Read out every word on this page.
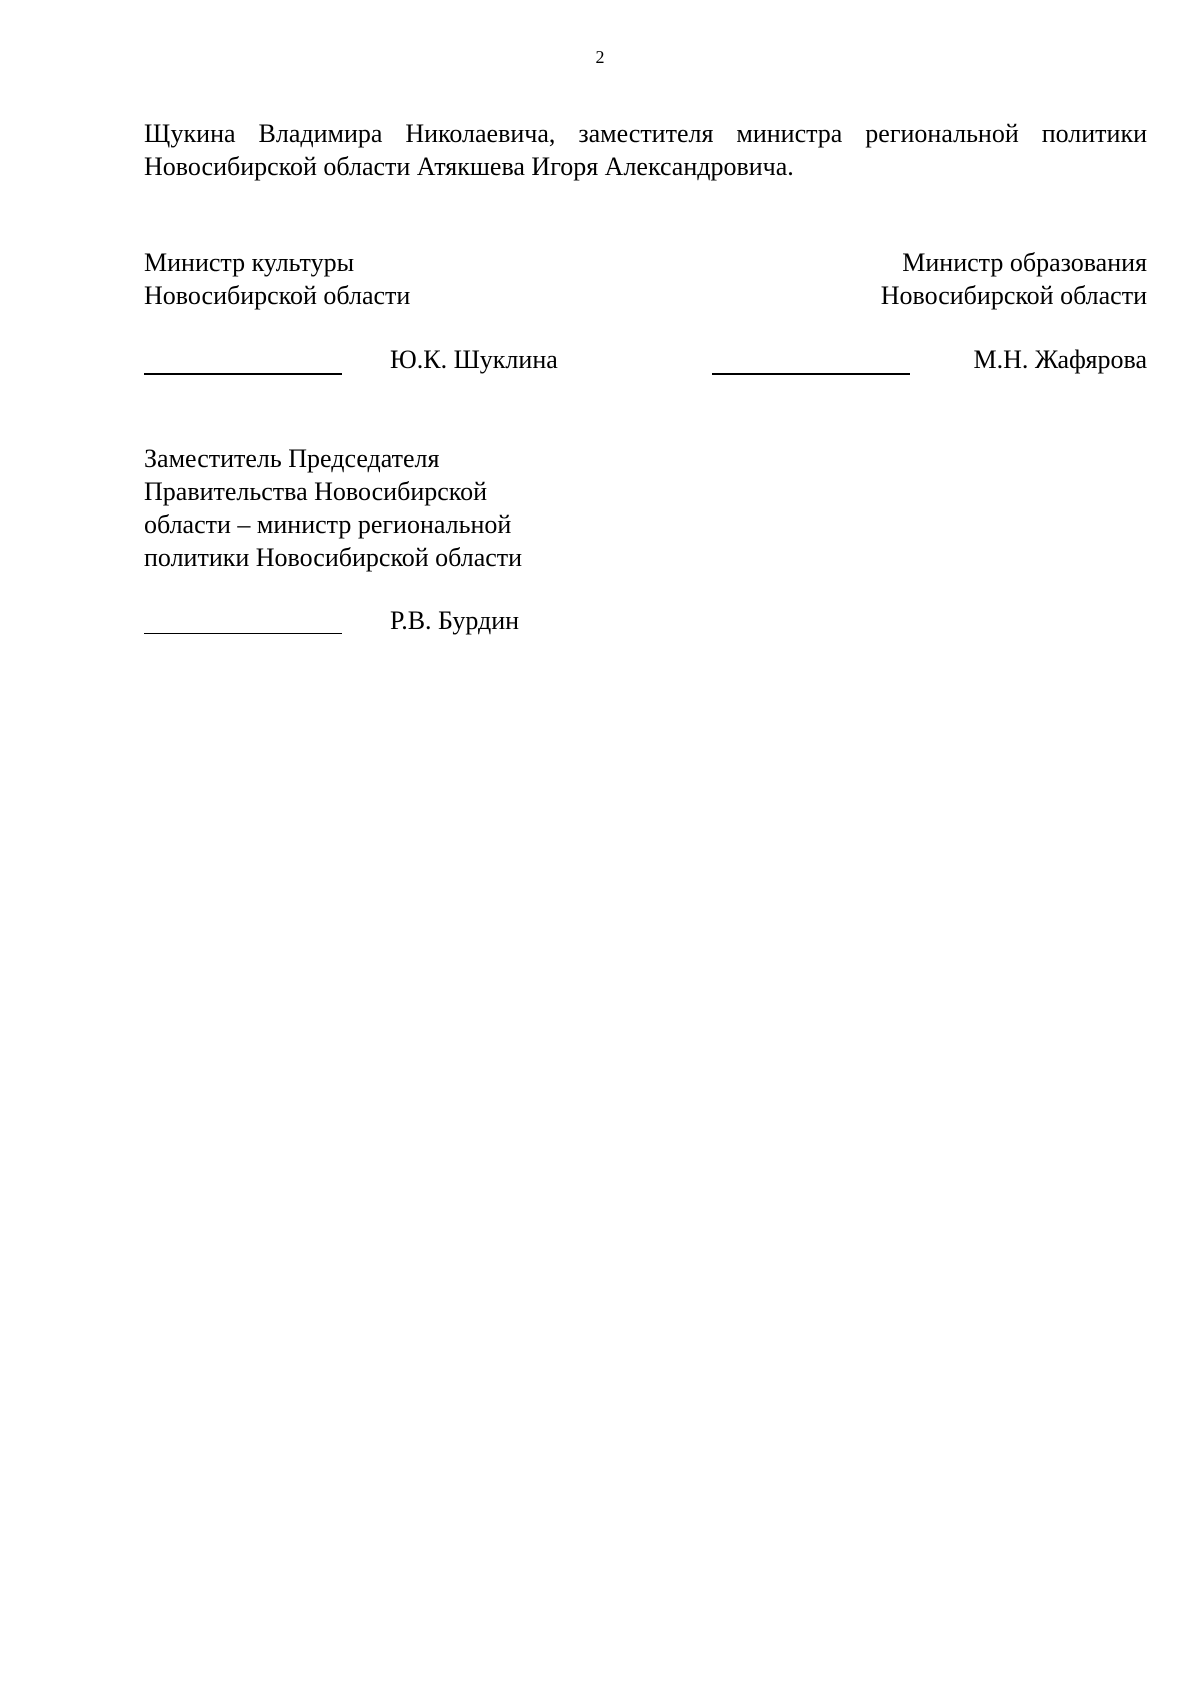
2
Щукина Владимира Николаевича, заместителя министра региональной политики
Новосибирской области Атякшева Игоря Александровича.
Министр культуры
Новосибирской области
Министр образования
Новосибирской области
Ю.К. Шуклина	М.Н. Жафярова
Заместитель Председателя
Правительства Новосибирской
области – министр региональной
политики Новосибирской области
Р.В. Бурдин
